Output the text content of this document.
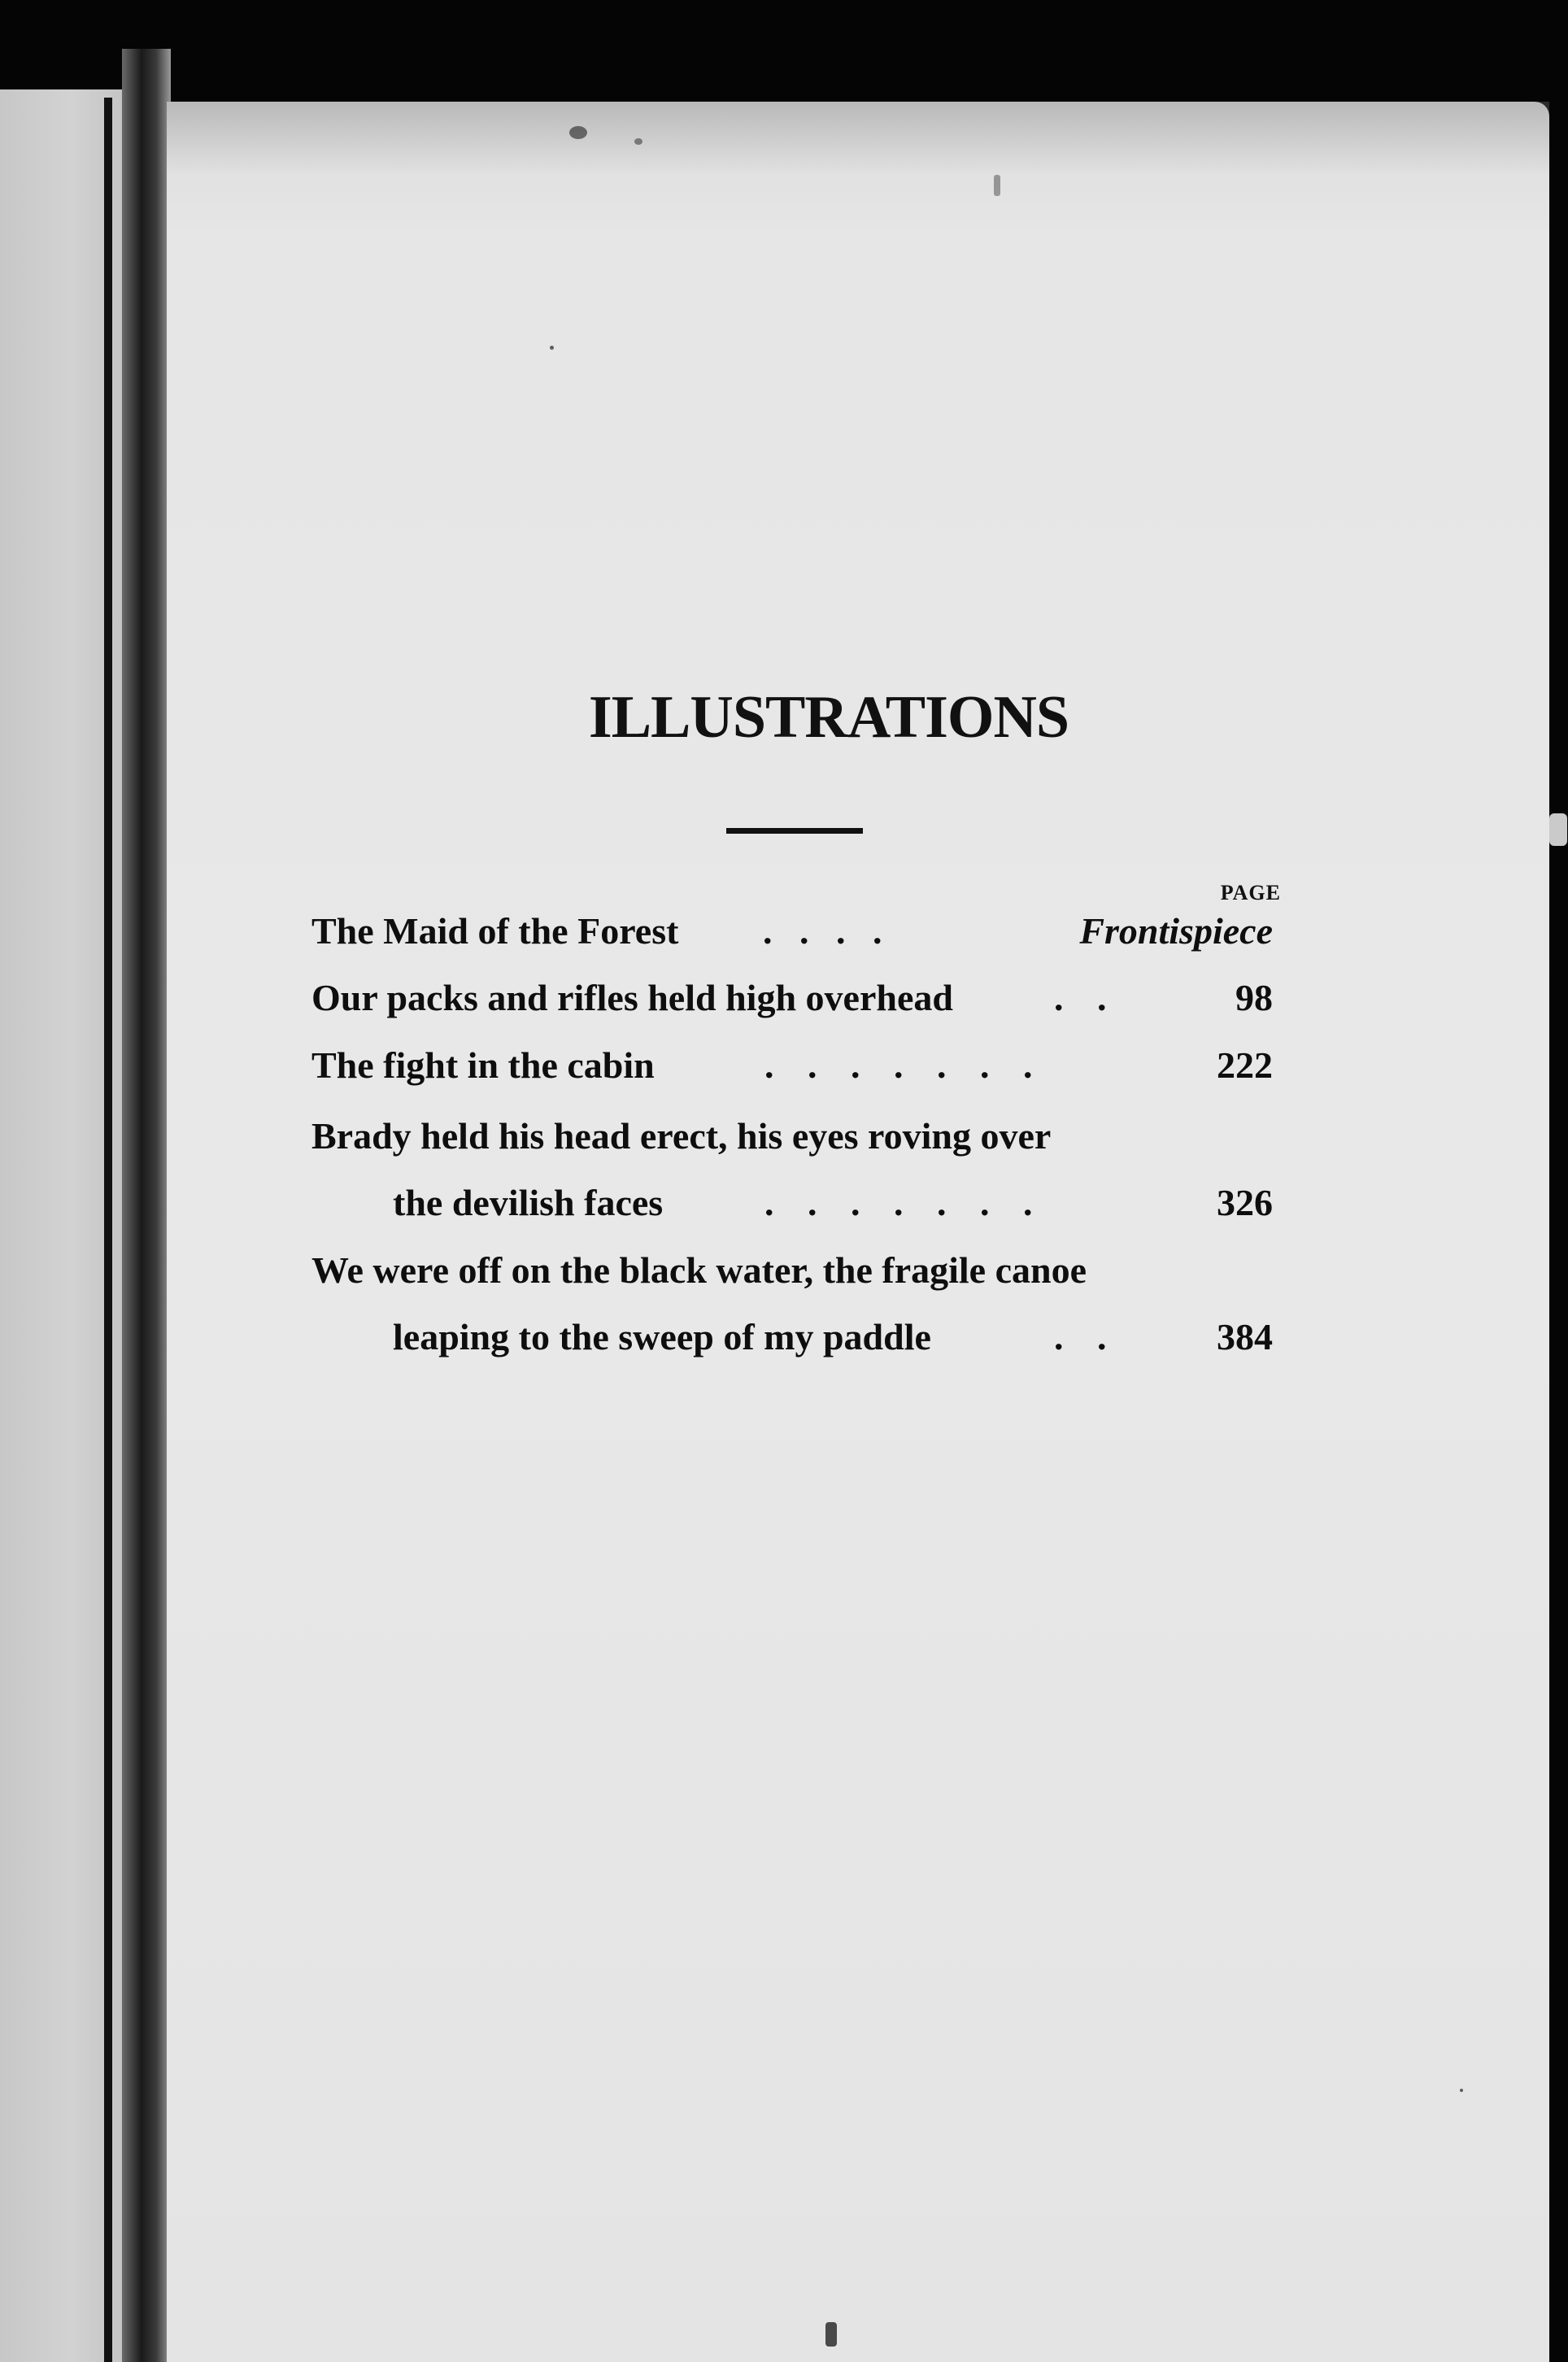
ILLUSTRATIONS
PAGE
The Maid of the Forest . . . .	Frontispiece
Our packs and rifles held high overhead	. .	98
The fight in the cabin	. . . . . . .	222
Brady held his head erect, his eyes roving over
the devilish faces	. . . . . . .	326
We were off on the black water, the fragile canoe
leaping to the sweep of my paddle	. .	384
